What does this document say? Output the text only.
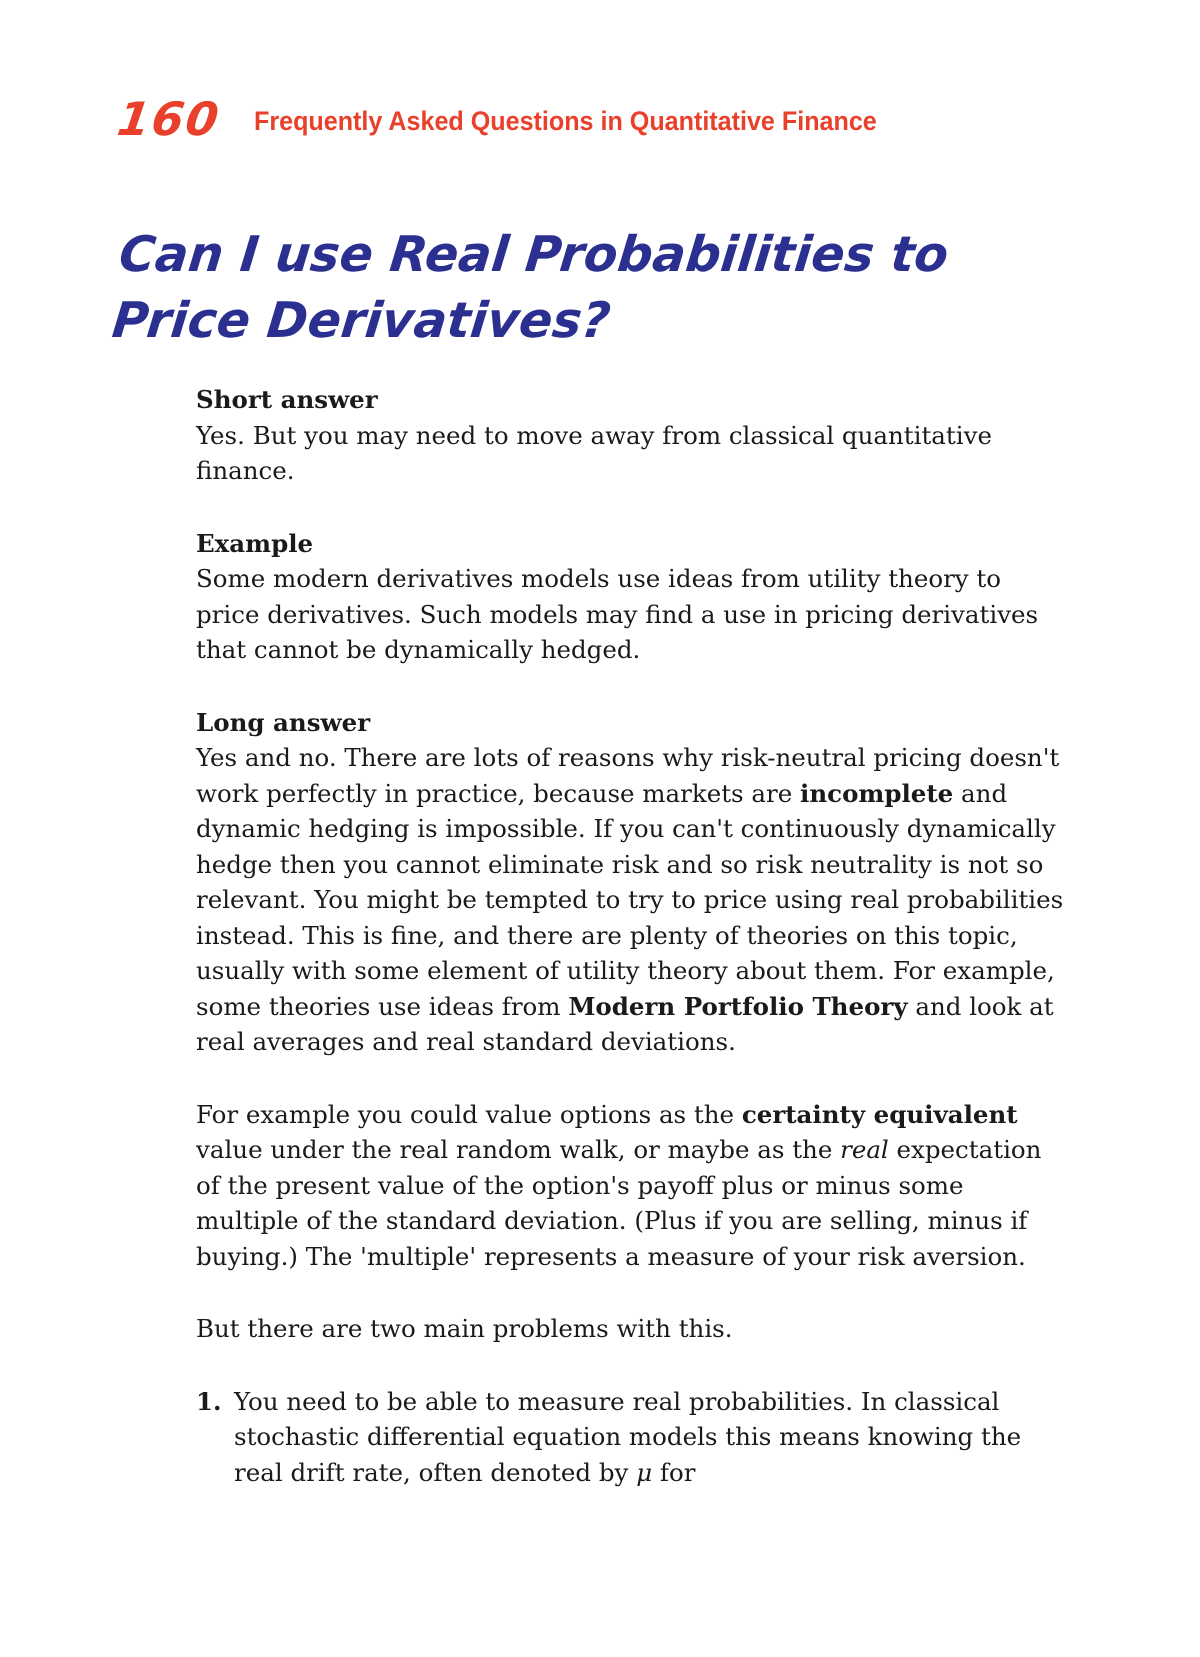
160 Frequently Asked Questions in Quantitative Finance
Can I use Real Probabilities to Price Derivatives?
Short answer
Yes. But you may need to move away from classical quantitative finance.
Example
Some modern derivatives models use ideas from utility theory to price derivatives. Such models may find a use in pricing derivatives that cannot be dynamically hedged.
Long answer

Yes and no. There are lots of reasons why risk-neutral pricing doesn't work perfectly in practice, because markets are incomplete and dynamic hedging is impossible. If you can't continuously dynamically hedge then you cannot eliminate risk and so risk neutrality is not so relevant. You might be tempted to try to price using real probabilities instead. This is fine, and there are plenty of theories on this topic, usually with some element of utility theory about them. For example, some theories use ideas from Modern Portfolio Theory and look at real averages and real standard deviations.

For example you could value options as the certainty equivalent value under the real random walk, or maybe as the real expectation of the present value of the option's payoff plus or minus some multiple of the standard deviation. (Plus if you are selling, minus if buying.) The 'multiple' represents a measure of your risk aversion.

But there are two main problems with this.

1. You need to be able to measure real probabilities. In classical stochastic differential equation models this means knowing the real drift rate, often denoted by μ for
